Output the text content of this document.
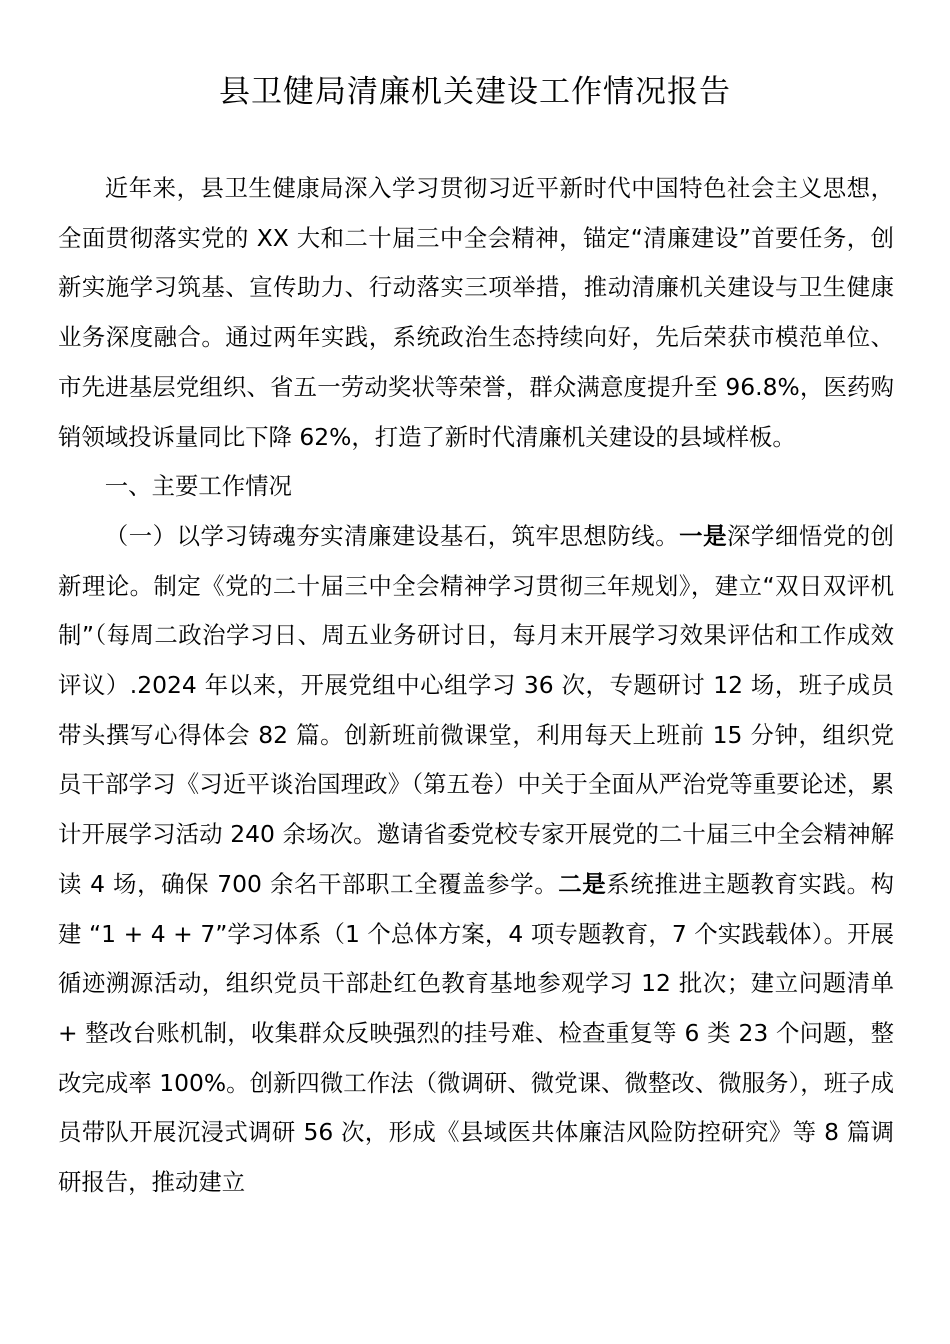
县卫健局清廉机关建设工作情况报告

近年来，县卫生健康局深入学习贯彻习近平新时代中国特色社会主义思想，全面贯彻落实党的 XX 大和二十届三中全会精神，锚定“清廉建设”首要任务，创新实施学习筑基、宣传助力、行动落实三项举措，推动清廉机关建设与卫生健康业务深度融合。通过两年实践，系统政治生态持续向好，先后荣获市模范单位、市先进基层党组织、省五一劳动奖状等荣誉，群众满意度提升至 96.8%，医药购销领域投诉量同比下降 62%，打造了新时代清廉机关建设的县域样板。

一、主要工作情况

（一）以学习铸魂夯实清廉建设基石，筑牢思想防线。一是深学细悟党的创新理论。制定《党的二十届三中全会精神学习贯彻三年规划》，建立“双日双评机制”（每周二政治学习日、周五业务研讨日，每月末开展学习效果评估和工作成效评议）.2024 年以来，开展党组中心组学习 36 次，专题研讨 12 场，班子成员带头撰写心得体会 82 篇。创新班前微课堂，利用每天上班前 15 分钟，组织党员干部学习《习近平谈治国理政》（第五卷）中关于全面从严治党等重要论述，累计开展学习活动 240 余场次。邀请省委党校专家开展党的二十届三中全会精神解读 4 场，确保 700 余名干部职工全覆盖参学。二是系统推进主题教育实践。构建 “1 + 4 + 7”学习体系（1 个总体方案，4 项专题教育，7 个实践载体）。开展循迹溯源活动，组织党员干部赴红色教育基地参观学习 12 批次；建立问题清单 + 整改台账机制，收集群众反映强烈的挂号难、检查重复等 6 类 23 个问题，整改完成率 100%。创新四微工作法（微调研、微党课、微整改、微服务），班子成员带队开展沉浸式调研 56 次，形成《县域医共体廉洁风险防控研究》等 8 篇调研报告，推动建立
